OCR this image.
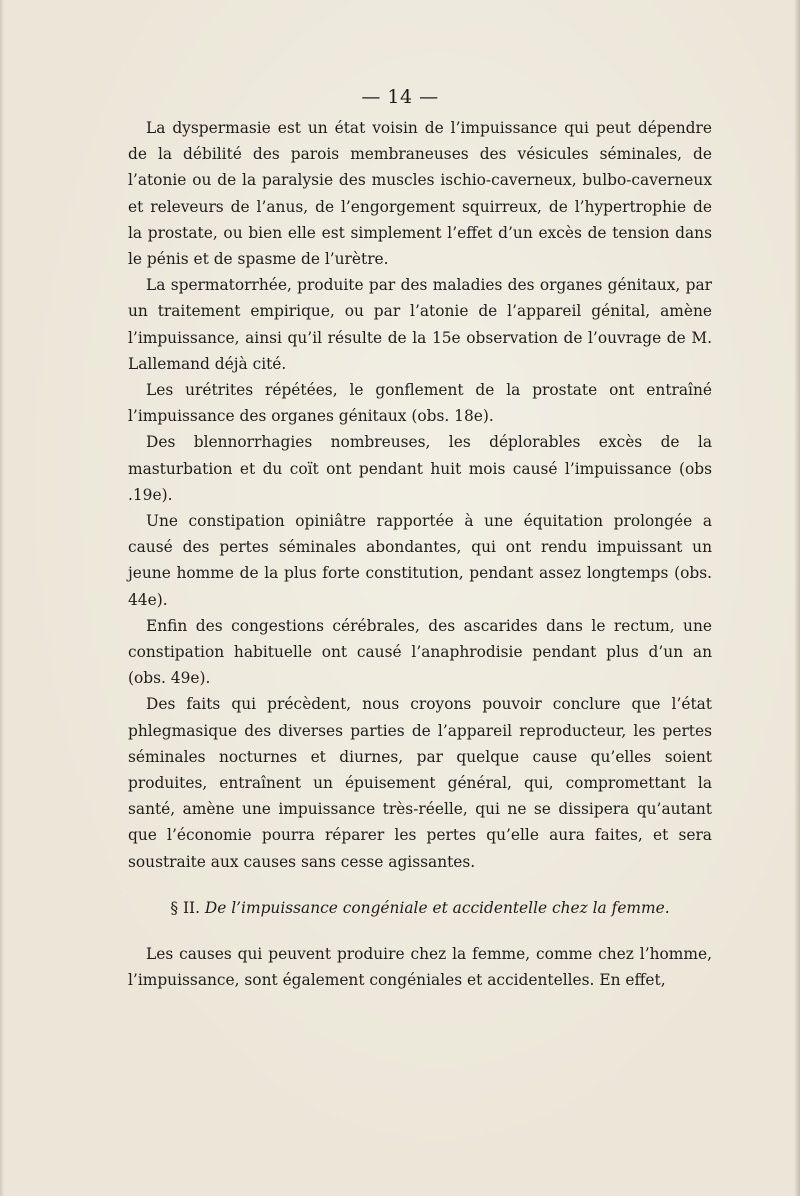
— 14 —

La dyspermasie est un état voisin de l’impuissance qui peut dépendre de la débilité des parois membraneuses des vésicules séminales, de l’atonie ou de la paralysie des muscles ischio-caverneux, bulbo-caverneux et releveurs de l’anus, de l’engorgement squirreux, de l’hypertrophie de la prostate, ou bien elle est simplement l’effet d’un excès de tension dans le pénis et de spasme de l’urètre.

La spermatorrhée, produite par des maladies des organes génitaux, par un traitement empirique, ou par l’atonie de l’appareil génital, amène l’impuissance, ainsi qu’il résulte de la 15e observation de l’ouvrage de M. Lallemand déjà cité.

Les urétrites répétées, le gonflement de la prostate ont entraîné l’impuissance des organes génitaux (obs. 18e).

Des blennorrhagies nombreuses, les déplorables excès de la masturbation et du coït ont pendant huit mois causé l’impuissance (obs .19e).

Une constipation opiniâtre rapportée à une équitation prolongée a causé des pertes séminales abondantes, qui ont rendu impuissant un jeune homme de la plus forte constitution, pendant assez longtemps (obs. 44e).

Enfin des congestions cérébrales, des ascarides dans le rectum, une constipation habituelle ont causé l’anaphrodisie pendant plus d’un an (obs. 49e).

Des faits qui précèdent, nous croyons pouvoir conclure que l’état phlegmasique des diverses parties de l’appareil reproducteur, les pertes séminales nocturnes et diurnes, par quelque cause qu’elles soient produites, entraînent un épuisement général, qui, compromettant la santé, amène une impuissance très-réelle, qui ne se dissipera qu’autant que l’économie pourra réparer les pertes qu’elle aura faites, et sera soustraite aux causes sans cesse agissantes.

§ II. De l’impuissance congéniale et accidentelle chez la femme.

Les causes qui peuvent produire chez la femme, comme chez l’homme, l’impuissance, sont également congéniales et accidentelles. En effet,
